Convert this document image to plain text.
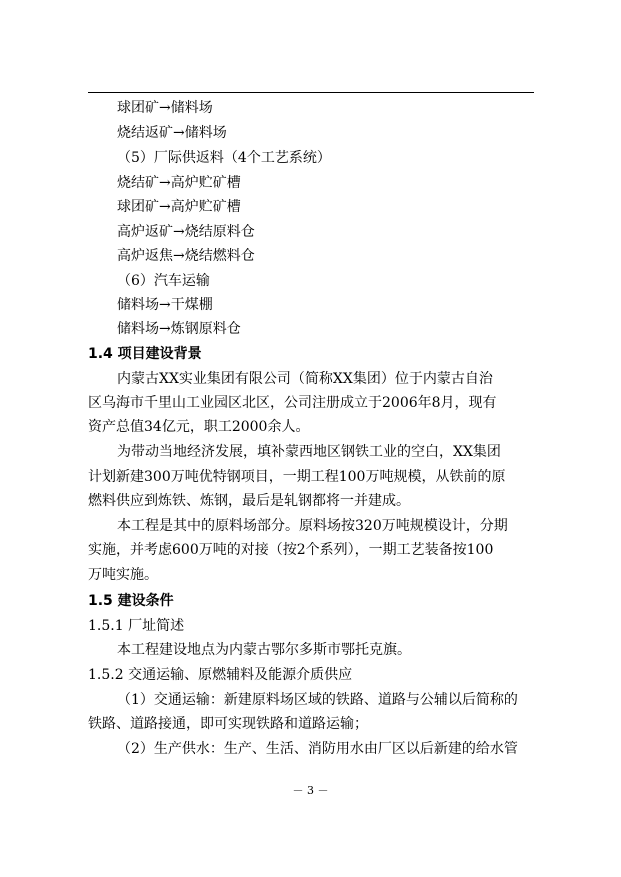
球团矿→储料场
烧结返矿→储料场
（5）厂际供返料（4个工艺系统）
烧结矿→高炉贮矿槽
球团矿→高炉贮矿槽
高炉返矿→烧结原料仓
高炉返焦→烧结燃料仓
（6）汽车运输
储料场→干煤棚
储料场→炼钢原料仓
1.4 项目建设背景
内蒙古XX实业集团有限公司（简称XX集团）位于内蒙古自治
区乌海市千里山工业园区北区，公司注册成立于2006年8月，现有
资产总值34亿元，职工2000余人。
为带动当地经济发展，填补蒙西地区钢铁工业的空白，XX集团
计划新建300万吨优特钢项目，一期工程100万吨规模，从铁前的原
燃料供应到炼铁、炼钢，最后是轧钢都将一并建成。
本工程是其中的原料场部分。原料场按320万吨规模设计，分期
实施，并考虑600万吨的对接（按2个系列），一期工艺装备按100
万吨实施。
1.5 建设条件
1.5.1 厂址简述
本工程建设地点为内蒙古鄂尔多斯市鄂托克旗。
1.5.2 交通运输、原燃辅料及能源介质供应
（1）交通运输：新建原料场区域的铁路、道路与公辅以后简称的
铁路、道路接通，即可实现铁路和道路运输；
（2）生产供水：生产、生活、消防用水由厂区以后新建的给水管
－ 3 －
